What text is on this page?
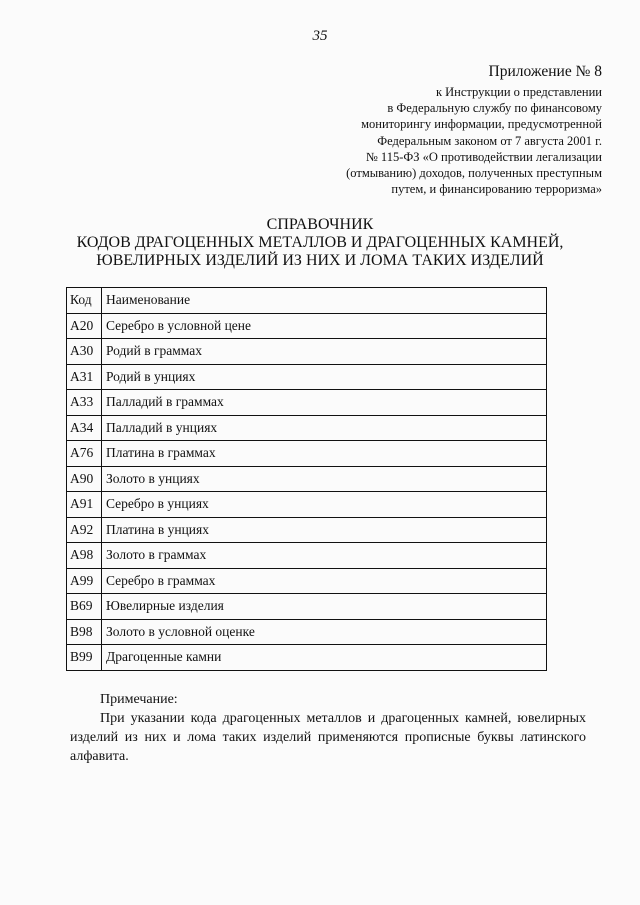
35
Приложение № 8
к Инструкции о представлении
в Федеральную службу по финансовому
мониторингу информации, предусмотренной
Федеральным законом от 7 августа 2001 г.
№ 115-ФЗ «О противодействии легализации
(отмыванию) доходов, полученных преступным
путем, и финансированию терроризма»
СПРАВОЧНИК
КОДОВ ДРАГОЦЕННЫХ МЕТАЛЛОВ И ДРАГОЦЕННЫХ КАМНЕЙ,
ЮВЕЛИРНЫХ ИЗДЕЛИЙ ИЗ НИХ И ЛОМА ТАКИХ ИЗДЕЛИЙ
Код	Наименование
A20	Серебро в условной цене
A30	Родий в граммах
A31	Родий в унциях
A33	Палладий в граммах
A34	Палладий в унциях
A76	Платина в граммах
A90	Золото в унциях
A91	Серебро в унциях
A92	Платина в унциях
A98	Золото в граммах
A99	Серебро в граммах
B69	Ювелирные изделия
B98	Золото в условной оценке
B99	Драгоценные камни

Примечание:

При указании кода драгоценных металлов и драгоценных камней, ювелирных изделий из них и лома таких изделий применяются прописные буквы латинского алфавита.
